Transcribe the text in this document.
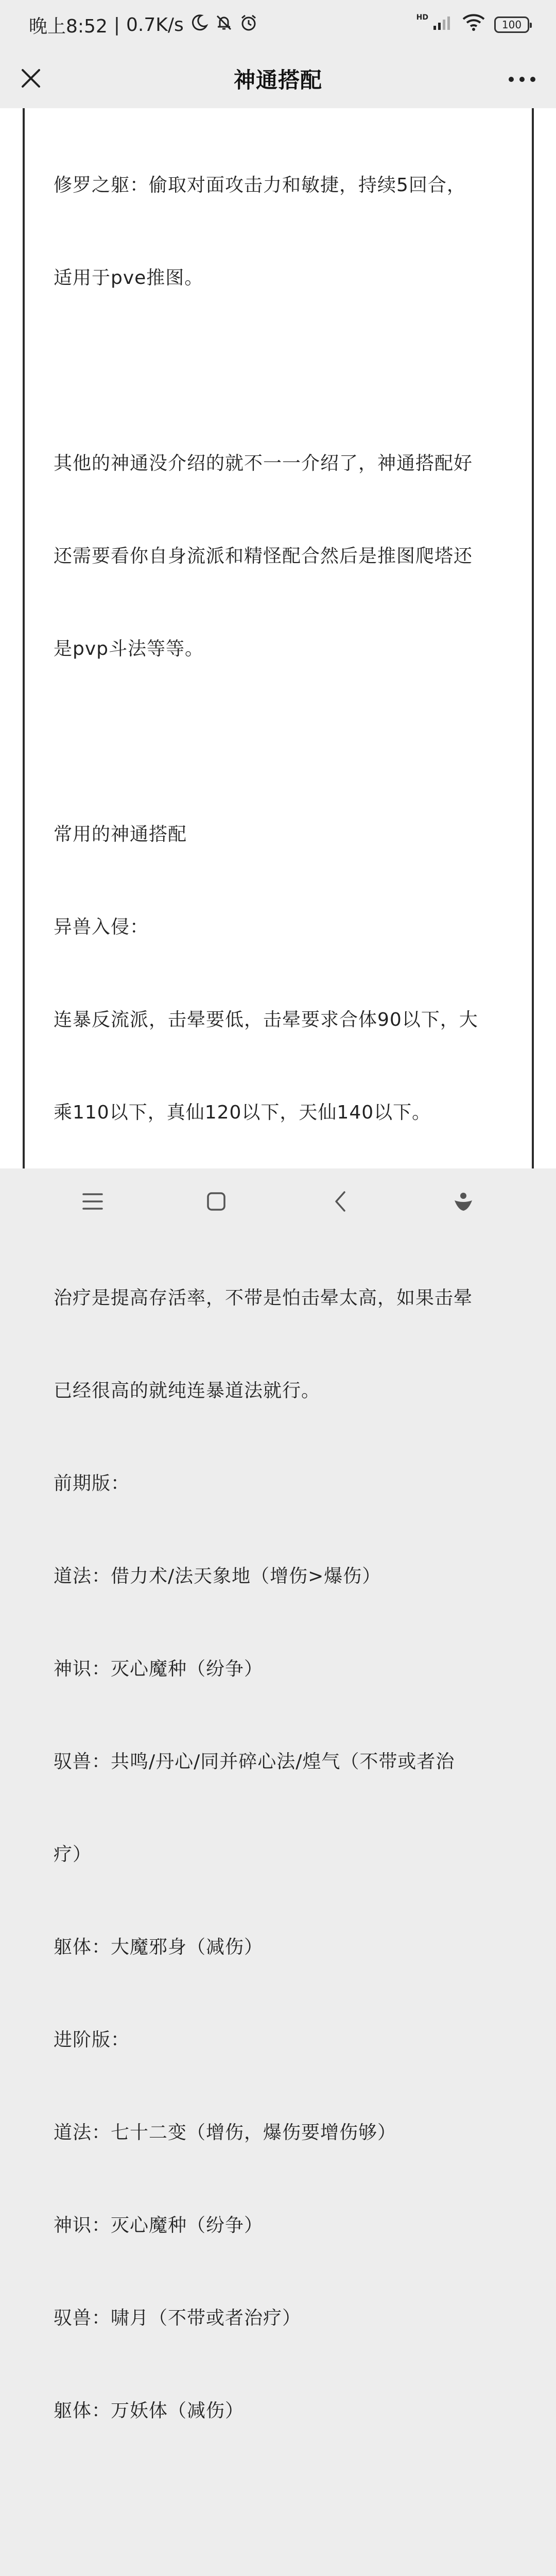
晚上8:52 | 0.7K/s	HD
100
神通搭配

修罗之躯：偷取对面攻击力和敏捷，持续5回合，

适用于pve推图。

其他的神通没介绍的就不一一介绍了，神通搭配好

还需要看你自身流派和精怪配合然后是推图爬塔还

是pvp斗法等等。

常用的神通搭配

异兽入侵：

连暴反流派，击晕要低，击晕要求合体90以下，大

乘110以下，真仙120以下，天仙140以下。

治疗是提高存活率，不带是怕击晕太高，如果击晕

已经很高的就纯连暴道法就行。

前期版：

道法：借力术/法天象地（增伤>爆伤）

神识：灭心魔种（纷争）

驭兽：共鸣/丹心/同并碎心法/煌气（不带或者治

疗）

躯体：大魔邪身（减伤）

进阶版：

道法：七十二变（增伤，爆伤要增伤够）

神识：灭心魔种（纷争）

驭兽：啸月（不带或者治疗）

躯体：万妖体（减伤）
